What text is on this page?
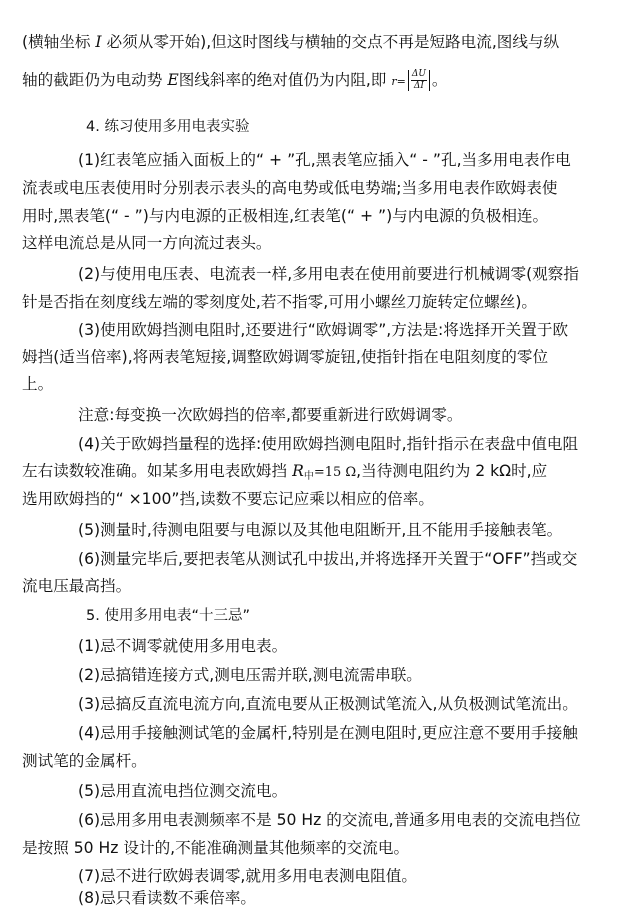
(横轴坐标 I 必须从零开始),但这时图线与横轴的交点不再是短路电流,图线与纵
轴的截距仍为电动势 E图线斜率的绝对值仍为内阻,即 $r= \frac{\Delta U}{\Delta I}$ 。
4. 练习使用多用电表实验
(1)红表笔应插入面板上的“ + ”孔,黑表笔应插入“ - ”孔,当多用电表作电
流表或电压表使用时分别表示表头的高电势或低电势端;当多用电表作欧姆表使
用时,黑表笔(“ - ”)与内电源的正极相连,红表笔(“ + ”)与内电源的负极相连。
这样电流总是从同一方向流过表头。
(2)与使用电压表、电流表一样,多用电表在使用前要进行机械调零(观察指
针是否指在刻度线左端的零刻度处,若不指零,可用小螺丝刀旋转定位螺丝)。
(3)使用欧姆挡测电阻时,还要进行“欧姆调零”,方法是:将选择开关置于欧
姆挡(适当倍率),将两表笔短接,调整欧姆调零旋钮,使指针指在电阻刻度的零位
上。
注意:每变换一次欧姆挡的倍率,都要重新进行欧姆调零。
(4)关于欧姆挡量程的选择:使用欧姆挡测电阻时,指针指示在表盘中值电阻
左右读数较准确。如某多用电表欧姆挡 $R_中=15$ Ω,当待测电阻约为 2 kΩ时,应
选用欧姆挡的“ ×100”挡,读数不要忘记应乘以相应的倍率。
(5)测量时,待测电阻要与电源以及其他电阻断开,且不能用手接触表笔。
(6)测量完毕后,要把表笔从测试孔中拔出,并将选择开关置于“OFF”挡或交
流电压最高挡。
5. 使用多用电表“十三忌”
(1)忌不调零就使用多用电表。
(2)忌搞错连接方式,测电压需并联,测电流需串联。
(3)忌搞反直流电流方向,直流电要从正极测试笔流入,从负极测试笔流出。
(4)忌用手接触测试笔的金属杆,特别是在测电阻时,更应注意不要用手接触
测试笔的金属杆。
(5)忌用直流电挡位测交流电。
(6)忌用多用电表测频率不是 50 Hz 的交流电,普通多用电表的交流电挡位
是按照 50 Hz 设计的,不能准确测量其他频率的交流电。
(7)忌不进行欧姆表调零,就用多用电表测电阻值。
(8)忌只看读数不乘倍率。
